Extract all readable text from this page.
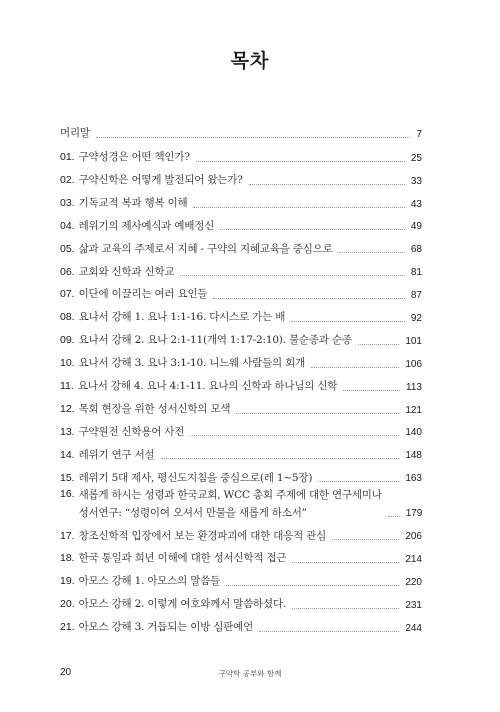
목차
머리말	7
01. 구약성경은 어떤 책인가?	25
02. 구약신학은 어떻게 발전되어 왔는가?	33
03. 기독교적 복과 행복 이해	43
04. 레위기의 제사예식과 예배정신	49
05. 삶과 교육의 주제로서 지혜 - 구약의 지혜교육을 중심으로	68
06. 교회와 신학과 신학교	81
07. 이단에 이끌리는 여러 요인들	87
08. 요나서 강해 1. 요나 1:1-16. 다시스로 가는 배	92
09. 요나서 강해 2. 요나 2:1-11(개역 1:17-2:10). 불순종과 순종	101
10. 요나서 강해 3. 요나 3:1-10. 니느웨 사람들의 회개	106
11. 요나서 강해 4. 요나 4:1-11. 요나의 신학과 하나님의 신학	113
12. 목회 현장을 위한 성서신학의 모색	121
13. 구약원전 신학용어 사전	140
14. 레위기 연구 서설	148
15. 레위기 5대 제사, 평신도지침을 중심으로(레 1~5장)	163
16. 새롭게 하시는 성령과 한국교회, WCC 총회 주제에 대한 연구세미나
성서연구: “성령이여 오셔서 만물을 새롭게 하소서”	179
17. 창조신학적 입장에서 보는 환경파괴에 대한 대응적 관심	206
18. 한국 통일과 희년 이해에 대한 성서신학적 접근	214
19. 아모스 강해 1. 아모스의 말씀들	220
20. 아모스 강해 2. 이렇게 여호와께서 말씀하셨다.	231
21. 아모스 강해 3. 거듭되는 이방 심판예언	244
20	구약학 공부와 함께
